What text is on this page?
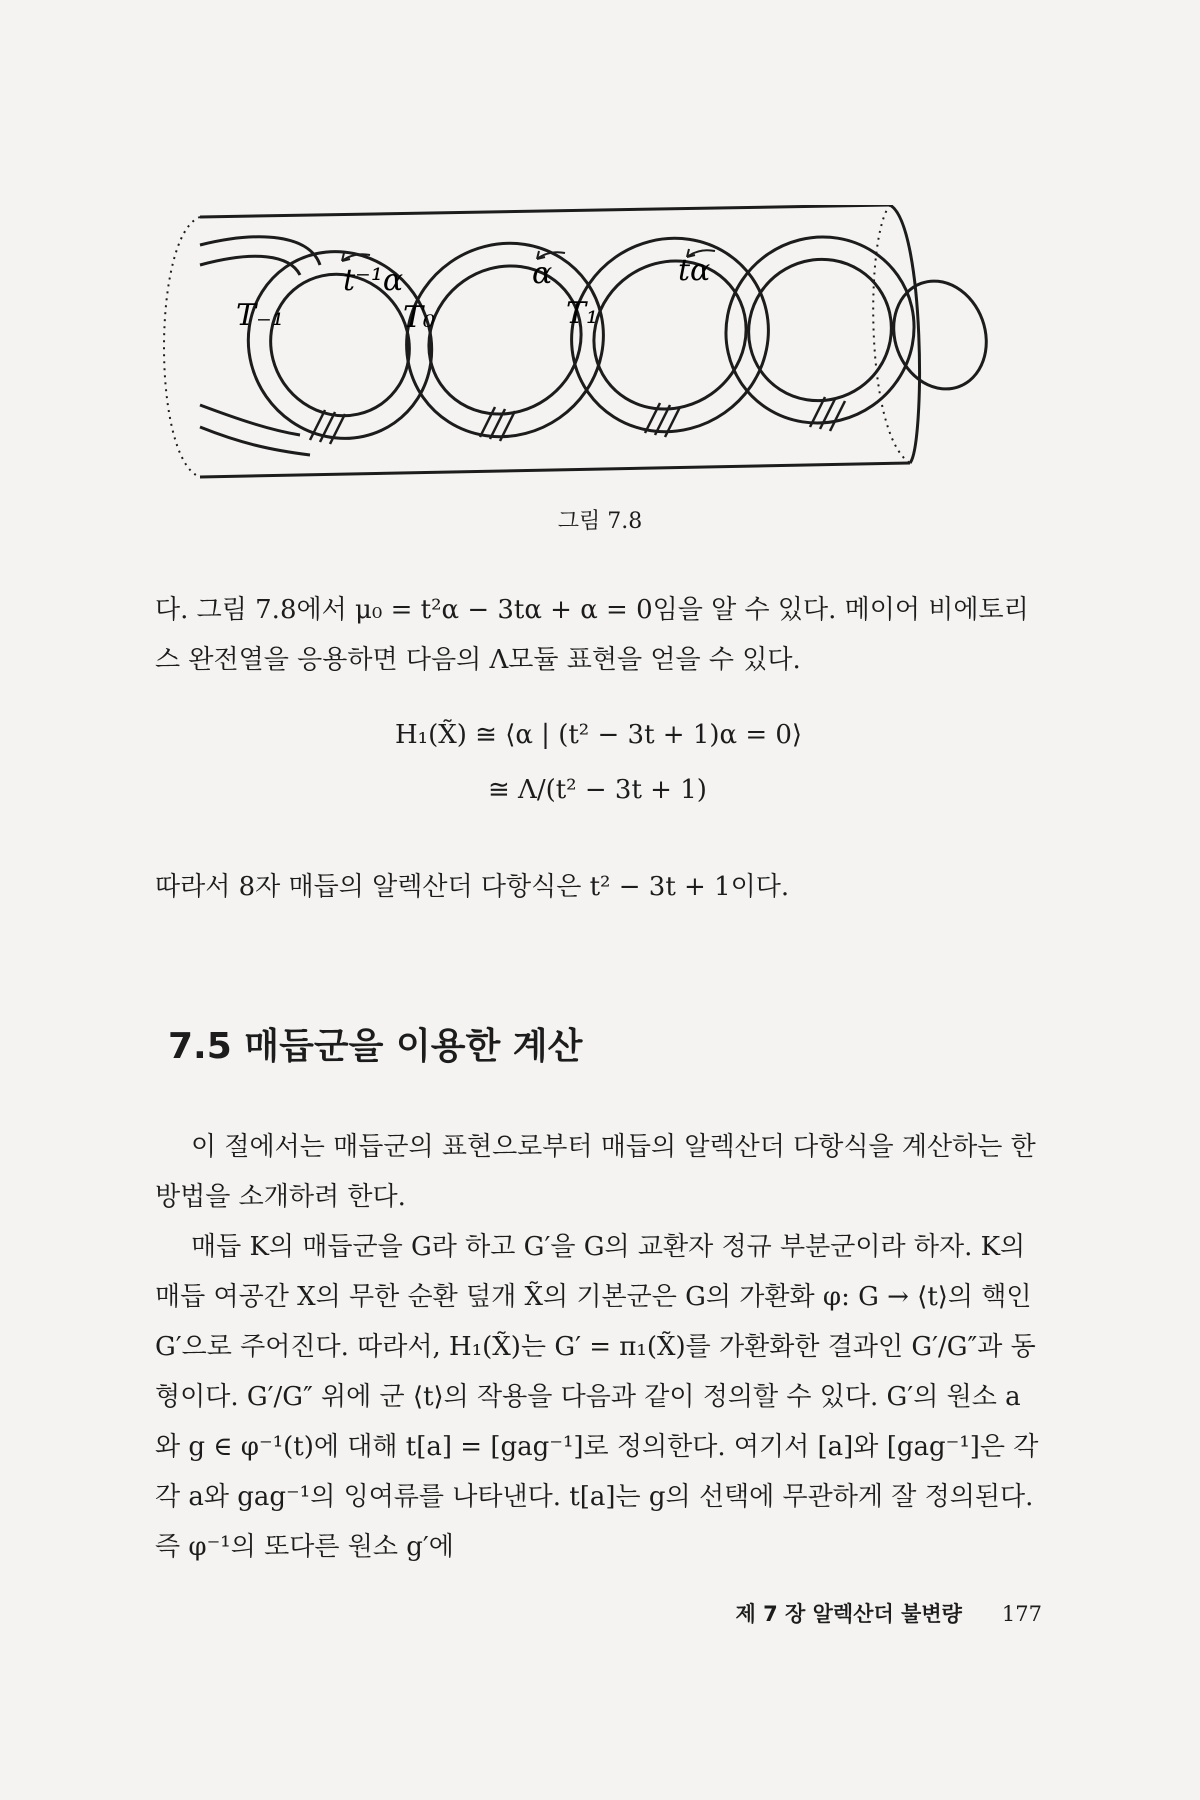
t⁻¹α	α	tα
T₋₁	T₀	T₁
그림 7.8
다. 그림 7.8에서 μ₀ = t²α − 3tα + α = 0임을 알 수 있다. 메이어 비에토리스 완전열을 응용하면 다음의 Λ모듈 표현을 얻을 수 있다.
H₁(X̃) ≅ ⟨α | (t² − 3t + 1)α = 0⟩
≅ Λ/(t² − 3t + 1)
따라서 8자 매듭의 알렉산더 다항식은 t² − 3t + 1이다.
7.5 매듭군을 이용한 계산
이 절에서는 매듭군의 표현으로부터 매듭의 알렉산더 다항식을 계산하는 한 방법을 소개하려 한다.
매듭 K의 매듭군을 G라 하고 G′을 G의 교환자 정규 부분군이라 하자. K의 매듭 여공간 X의 무한 순환 덮개 X̃의 기본군은 G의 가환화 φ: G → ⟨t⟩의 핵인 G′으로 주어진다. 따라서, H₁(X̃)는 G′ = π₁(X̃)를 가환화한 결과인 G′/G″과 동형이다. G′/G″ 위에 군 ⟨t⟩의 작용을 다음과 같이 정의할 수 있다. G′의 원소 a와 g ∈ φ⁻¹(t)에 대해 t[a] = [gag⁻¹]로 정의한다. 여기서 [a]와 [gag⁻¹]은 각각 a와 gag⁻¹의 잉여류를 나타낸다. t[a]는 g의 선택에 무관하게 잘 정의된다. 즉 φ⁻¹의 또다른 원소 g′에
제 7 장 알렉산더 불변량 177
